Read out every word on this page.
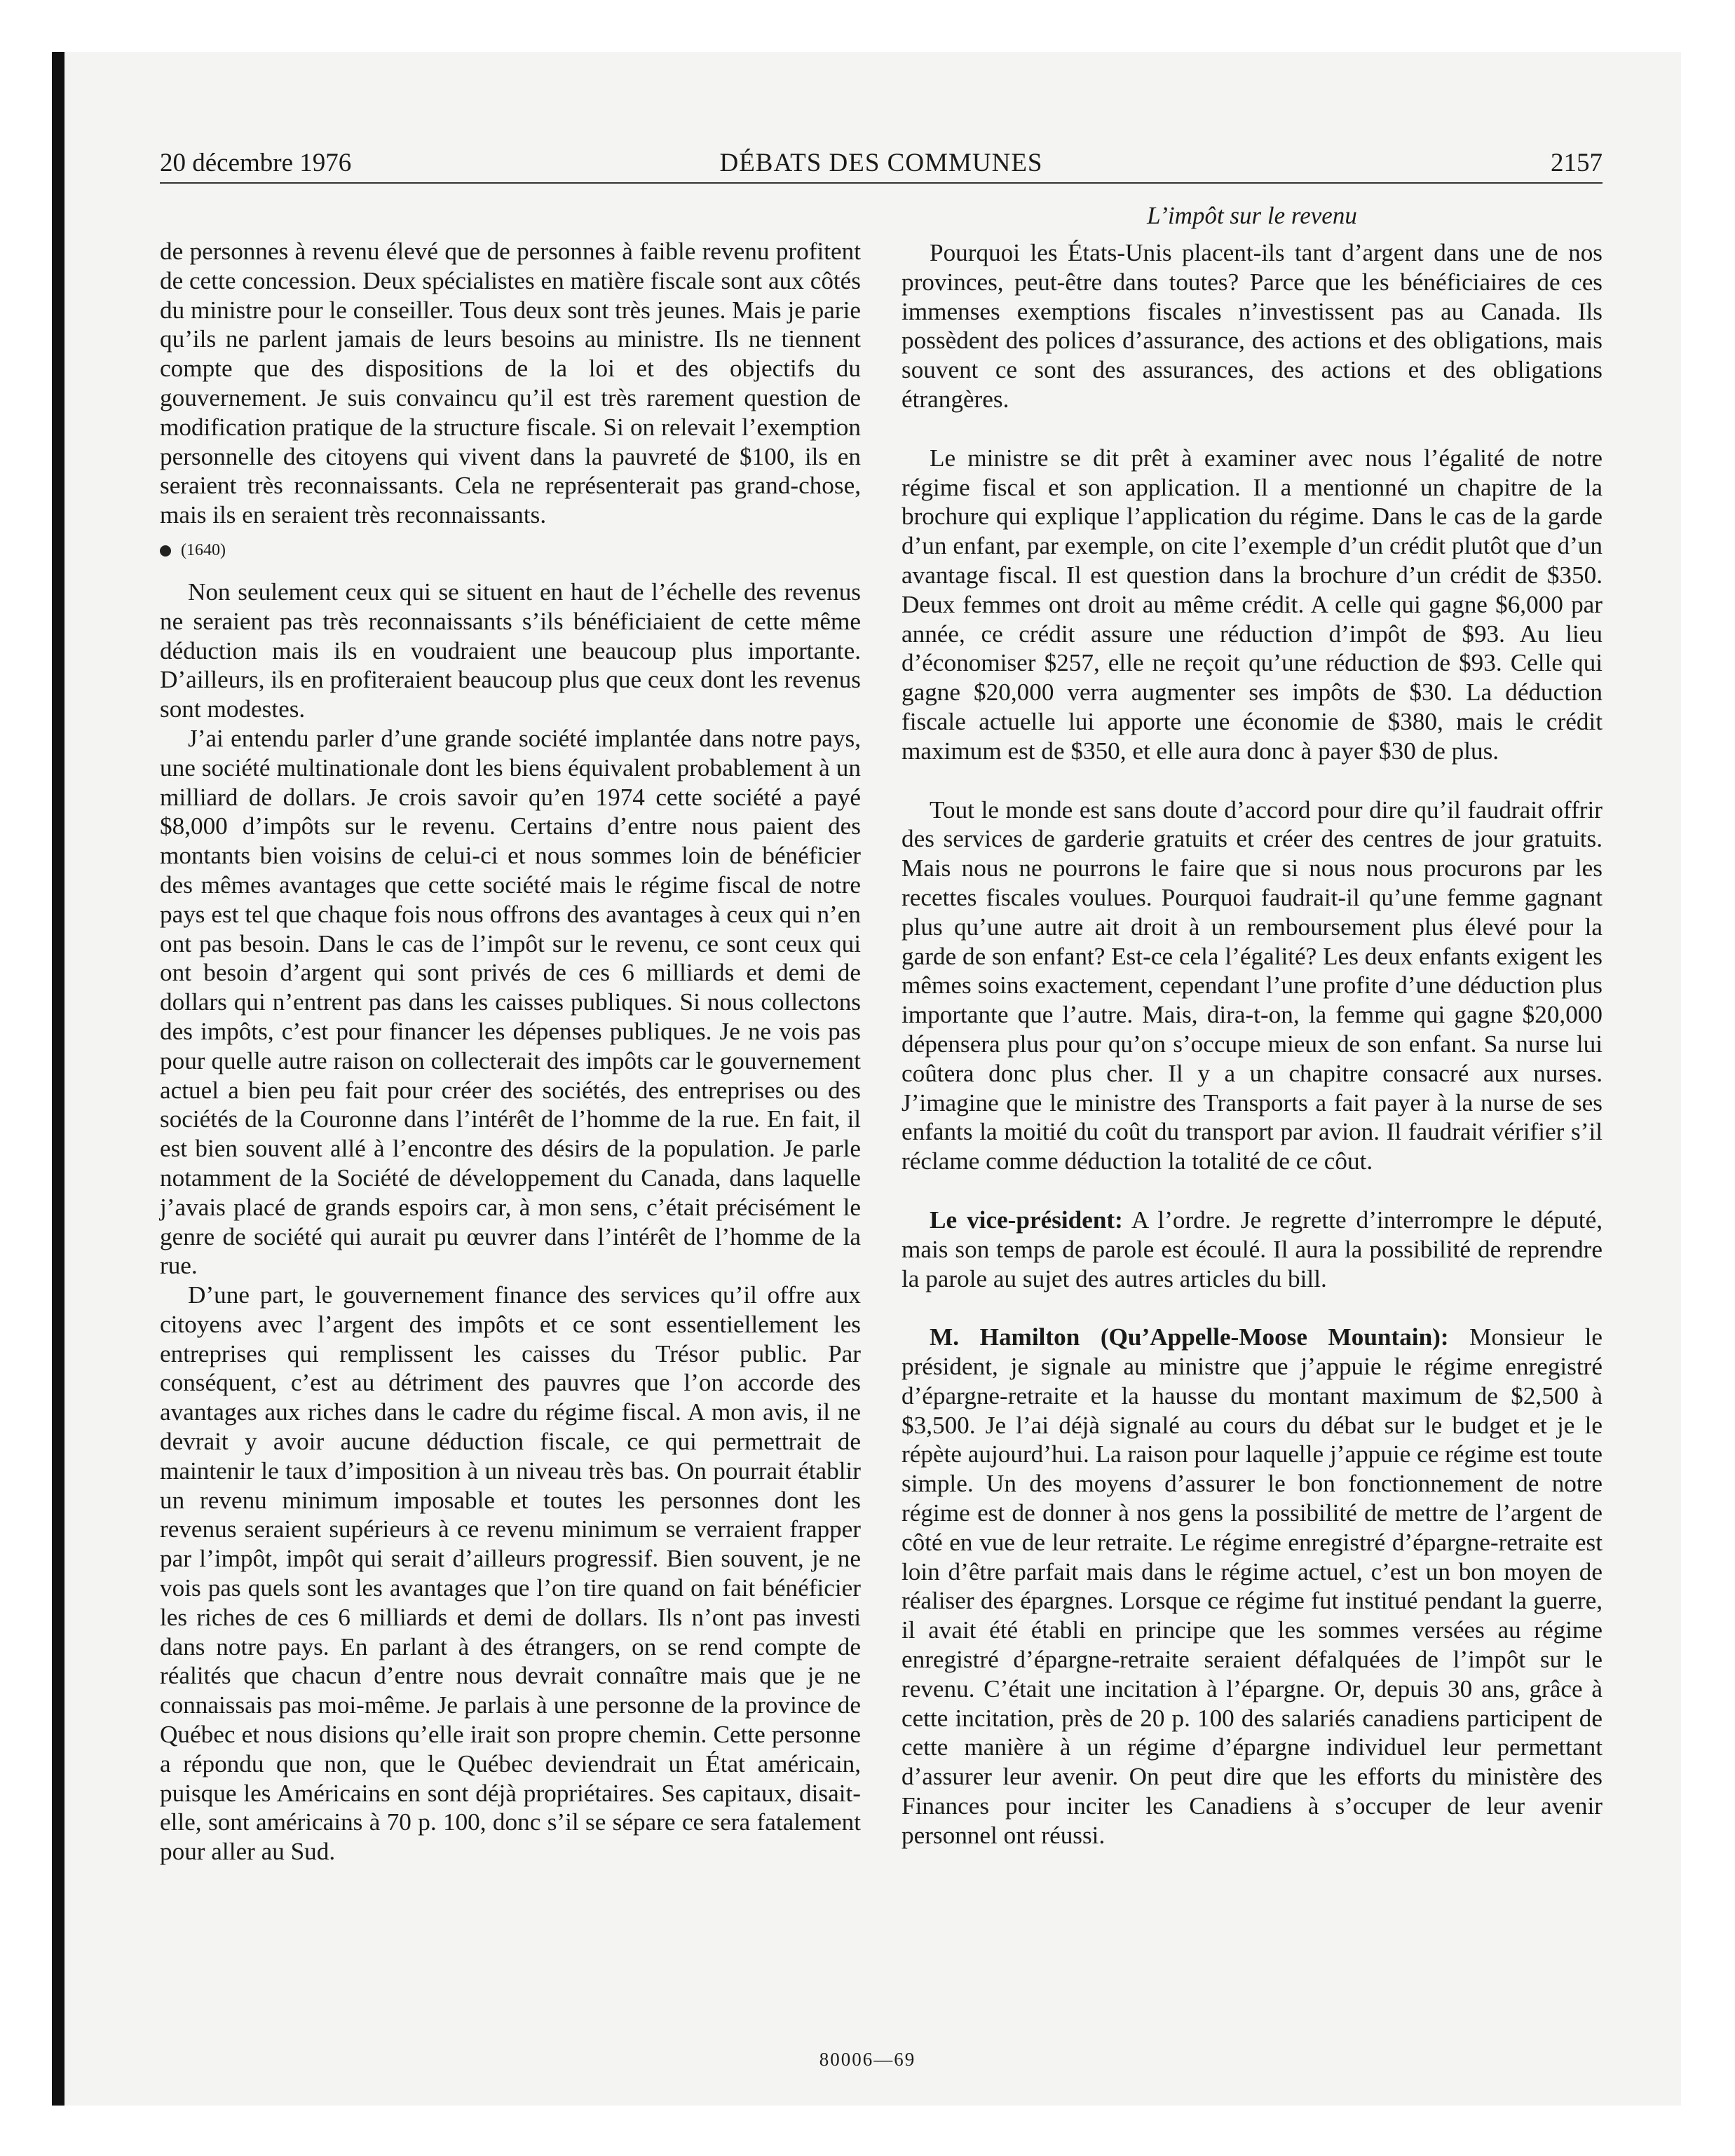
20 décembre 1976	DÉBATS DES COMMUNES	2157
L’impôt sur le revenu

de personnes à revenu élevé que de personnes à faible revenu profitent de cette concession. Deux spécialistes en matière fiscale sont aux côtés du ministre pour le conseiller. Tous deux sont très jeunes. Mais je parie qu’ils ne parlent jamais de leurs besoins au ministre. Ils ne tiennent compte que des dispositions de la loi et des objectifs du gouvernement. Je suis convaincu qu’il est très rarement question de modification pratique de la structure fiscale. Si on relevait l’exemption personnelle des citoyens qui vivent dans la pauvreté de $100, ils en seraient très reconnaissants. Cela ne représenterait pas grand-chose, mais ils en seraient très reconnaissants.

(1640)

Non seulement ceux qui se situent en haut de l’échelle des revenus ne seraient pas très reconnaissants s’ils bénéficiaient de cette même déduction mais ils en voudraient une beaucoup plus importante. D’ailleurs, ils en profiteraient beaucoup plus que ceux dont les revenus sont modestes.

J’ai entendu parler d’une grande société implantée dans notre pays, une société multinationale dont les biens équivalent probablement à un milliard de dollars. Je crois savoir qu’en 1974 cette société a payé $8,000 d’impôts sur le revenu. Certains d’entre nous paient des montants bien voisins de celui-ci et nous sommes loin de bénéficier des mêmes avantages que cette société mais le régime fiscal de notre pays est tel que chaque fois nous offrons des avantages à ceux qui n’en ont pas besoin. Dans le cas de l’impôt sur le revenu, ce sont ceux qui ont besoin d’argent qui sont privés de ces 6 milliards et demi de dollars qui n’entrent pas dans les caisses publiques. Si nous collectons des impôts, c’est pour financer les dépenses publiques. Je ne vois pas pour quelle autre raison on collecterait des impôts car le gouvernement actuel a bien peu fait pour créer des sociétés, des entreprises ou des sociétés de la Couronne dans l’intérêt de l’homme de la rue. En fait, il est bien souvent allé à l’encontre des désirs de la population. Je parle notamment de la Société de développement du Canada, dans laquelle j’avais placé de grands espoirs car, à mon sens, c’était précisément le genre de société qui aurait pu œuvrer dans l’intérêt de l’homme de la rue.

D’une part, le gouvernement finance des services qu’il offre aux citoyens avec l’argent des impôts et ce sont essentiellement les entreprises qui remplissent les caisses du Trésor public. Par conséquent, c’est au détriment des pauvres que l’on accorde des avantages aux riches dans le cadre du régime fiscal. A mon avis, il ne devrait y avoir aucune déduction fiscale, ce qui permettrait de maintenir le taux d’imposition à un niveau très bas. On pourrait établir un revenu minimum imposable et toutes les personnes dont les revenus seraient supérieurs à ce revenu minimum se verraient frapper par l’impôt, impôt qui serait d’ailleurs progressif. Bien souvent, je ne vois pas quels sont les avantages que l’on tire quand on fait bénéficier les riches de ces 6 milliards et demi de dollars. Ils n’ont pas investi dans notre pays. En parlant à des étrangers, on se rend compte de réalités que chacun d’entre nous devrait connaître mais que je ne connaissais pas moi-même. Je parlais à une personne de la province de Québec et nous disions qu’elle irait son propre chemin. Cette personne a répondu que non, que le Québec deviendrait un État américain, puisque les Américains en sont déjà propriétaires. Ses capitaux, disait-elle, sont américains à 70 p. 100, donc s’il se sépare ce sera fatalement pour aller au Sud.

Pourquoi les États-Unis placent-ils tant d’argent dans une de nos provinces, peut-être dans toutes? Parce que les bénéficiaires de ces immenses exemptions fiscales n’investissent pas au Canada. Ils possèdent des polices d’assurance, des actions et des obligations, mais souvent ce sont des assurances, des actions et des obligations étrangères.

Le ministre se dit prêt à examiner avec nous l’égalité de notre régime fiscal et son application. Il a mentionné un chapitre de la brochure qui explique l’application du régime. Dans le cas de la garde d’un enfant, par exemple, on cite l’exemple d’un crédit plutôt que d’un avantage fiscal. Il est question dans la brochure d’un crédit de $350. Deux femmes ont droit au même crédit. A celle qui gagne $6,000 par année, ce crédit assure une réduction d’impôt de $93. Au lieu d’économiser $257, elle ne reçoit qu’une réduction de $93. Celle qui gagne $20,000 verra augmenter ses impôts de $30. La déduction fiscale actuelle lui apporte une économie de $380, mais le crédit maximum est de $350, et elle aura donc à payer $30 de plus.

Tout le monde est sans doute d’accord pour dire qu’il faudrait offrir des services de garderie gratuits et créer des centres de jour gratuits. Mais nous ne pourrons le faire que si nous nous procurons par les recettes fiscales voulues. Pourquoi faudrait-il qu’une femme gagnant plus qu’une autre ait droit à un remboursement plus élevé pour la garde de son enfant? Est-ce cela l’égalité? Les deux enfants exigent les mêmes soins exactement, cependant l’une profite d’une déduction plus importante que l’autre. Mais, dira-t-on, la femme qui gagne $20,000 dépensera plus pour qu’on s’occupe mieux de son enfant. Sa nurse lui coûtera donc plus cher. Il y a un chapitre consacré aux nurses. J’imagine que le ministre des Transports a fait payer à la nurse de ses enfants la moitié du coût du transport par avion. Il faudrait vérifier s’il réclame comme déduction la totalité de ce côut.

Le vice-président: A l’ordre. Je regrette d’interrompre le député, mais son temps de parole est écoulé. Il aura la possibilité de reprendre la parole au sujet des autres articles du bill.

M. Hamilton (Qu’Appelle-Moose Mountain): Monsieur le président, je signale au ministre que j’appuie le régime enregistré d’épargne-retraite et la hausse du montant maximum de $2,500 à $3,500. Je l’ai déjà signalé au cours du débat sur le budget et je le répète aujourd’hui. La raison pour laquelle j’appuie ce régime est toute simple. Un des moyens d’assurer le bon fonctionnement de notre régime est de donner à nos gens la possibilité de mettre de l’argent de côté en vue de leur retraite. Le régime enregistré d’épargne-retraite est loin d’être parfait mais dans le régime actuel, c’est un bon moyen de réaliser des épargnes. Lorsque ce régime fut institué pendant la guerre, il avait été établi en principe que les sommes versées au régime enregistré d’épargne-retraite seraient défalquées de l’impôt sur le revenu. C’était une incitation à l’épargne. Or, depuis 30 ans, grâce à cette incitation, près de 20 p. 100 des salariés canadiens participent de cette manière à un régime d’épargne individuel leur permettant d’assurer leur avenir. On peut dire que les efforts du ministère des Finances pour inciter les Canadiens à s’occuper de leur avenir personnel ont réussi.

80006—69
